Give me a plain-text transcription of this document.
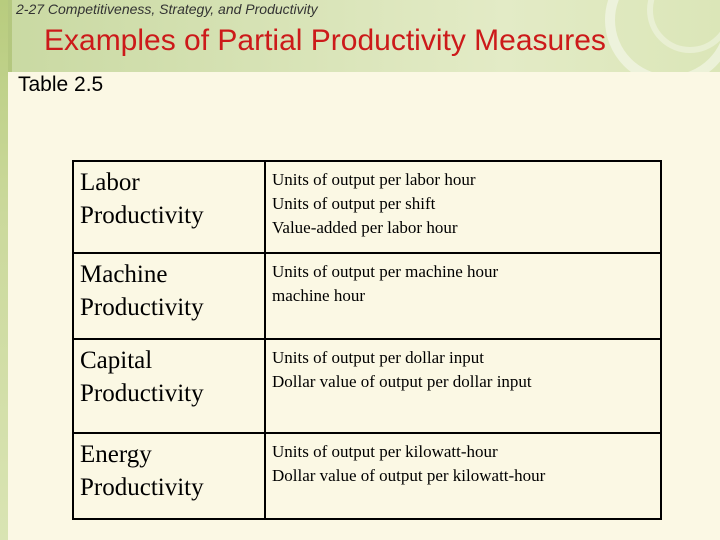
2-27 Competitiveness, Strategy, and Productivity
Examples of Partial Productivity Measures
Table 2.5
Labor
Productivity	Units of output per labor hour
Units of output per shift
Value-added per labor hour

Machine
Productivity	Units of output per machine hour
machine hour

Capital
Productivity	Units of output per dollar input
Dollar value of output per dollar input

Energy
Productivity	Units of output per kilowatt-hour
Dollar value of output per kilowatt-hour
